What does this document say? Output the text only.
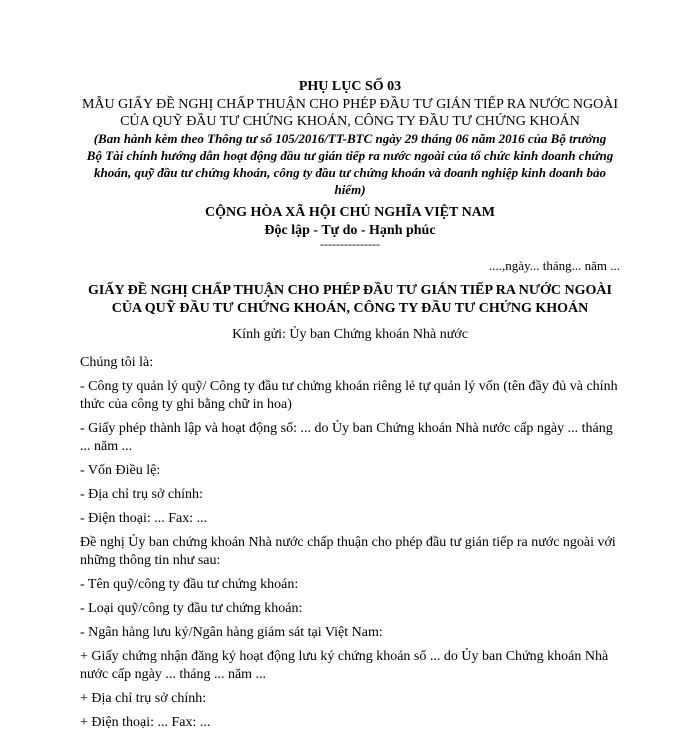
PHỤ LỤC SỐ 03
MẪU GIẤY ĐỀ NGHỊ CHẤP THUẬN CHO PHÉP ĐẦU TƯ GIÁN TIẾP RA NƯỚC NGOÀI
CỦA QUỸ ĐẦU TƯ CHỨNG KHOÁN, CÔNG TY ĐẦU TƯ CHỨNG KHOÁN
(Ban hành kèm theo Thông tư số 105/2016/TT-BTC ngày 29 tháng 06 năm 2016 của Bộ trưởng
Bộ Tài chính hướng dẫn hoạt động đầu tư gián tiếp ra nước ngoài của tổ chức kinh doanh chứng
khoán, quỹ đầu tư chứng khoán, công ty đầu tư chứng khoán và doanh nghiệp kinh doanh bảo
hiểm)
CỘNG HÒA XÃ HỘI CHỦ NGHĨA VIỆT NAM
Độc lập - Tự do - Hạnh phúc
---------------
....,ngày... tháng... năm ...
GIẤY ĐỀ NGHỊ CHẤP THUẬN CHO PHÉP ĐẦU TƯ GIÁN TIẾP RA NƯỚC NGOÀI
CỦA QUỸ ĐẦU TƯ CHỨNG KHOÁN, CÔNG TY ĐẦU TƯ CHỨNG KHOÁN
Kính gửi: Ủy ban Chứng khoán Nhà nước
Chúng tôi là:
- Công ty quản lý quỹ/ Công ty đầu tư chứng khoán riêng lẻ tự quản lý vốn (tên đầy đủ và chính thức của công ty ghi bằng chữ in hoa)
- Giấy phép thành lập và hoạt động số: ... do Ủy ban Chứng khoán Nhà nước cấp ngày ... tháng ... năm ...
- Vốn Điều lệ:
- Địa chỉ trụ sở chính:
- Điện thoại: ... Fax: ...
Đề nghị Ủy ban chứng khoán Nhà nước chấp thuận cho phép đầu tư gián tiếp ra nước ngoài với những thông tin như sau:
- Tên quỹ/công ty đầu tư chứng khoán:
- Loại quỹ/công ty đầu tư chứng khoán:
- Ngân hàng lưu ký/Ngân hàng giám sát tại Việt Nam:
+ Giấy chứng nhận đăng ký hoạt động lưu ký chứng khoán số ... do Ủy ban Chứng khoán Nhà nước cấp ngày ... tháng ... năm ...
+ Địa chỉ trụ sở chính:
+ Điện thoại: ... Fax: ...
